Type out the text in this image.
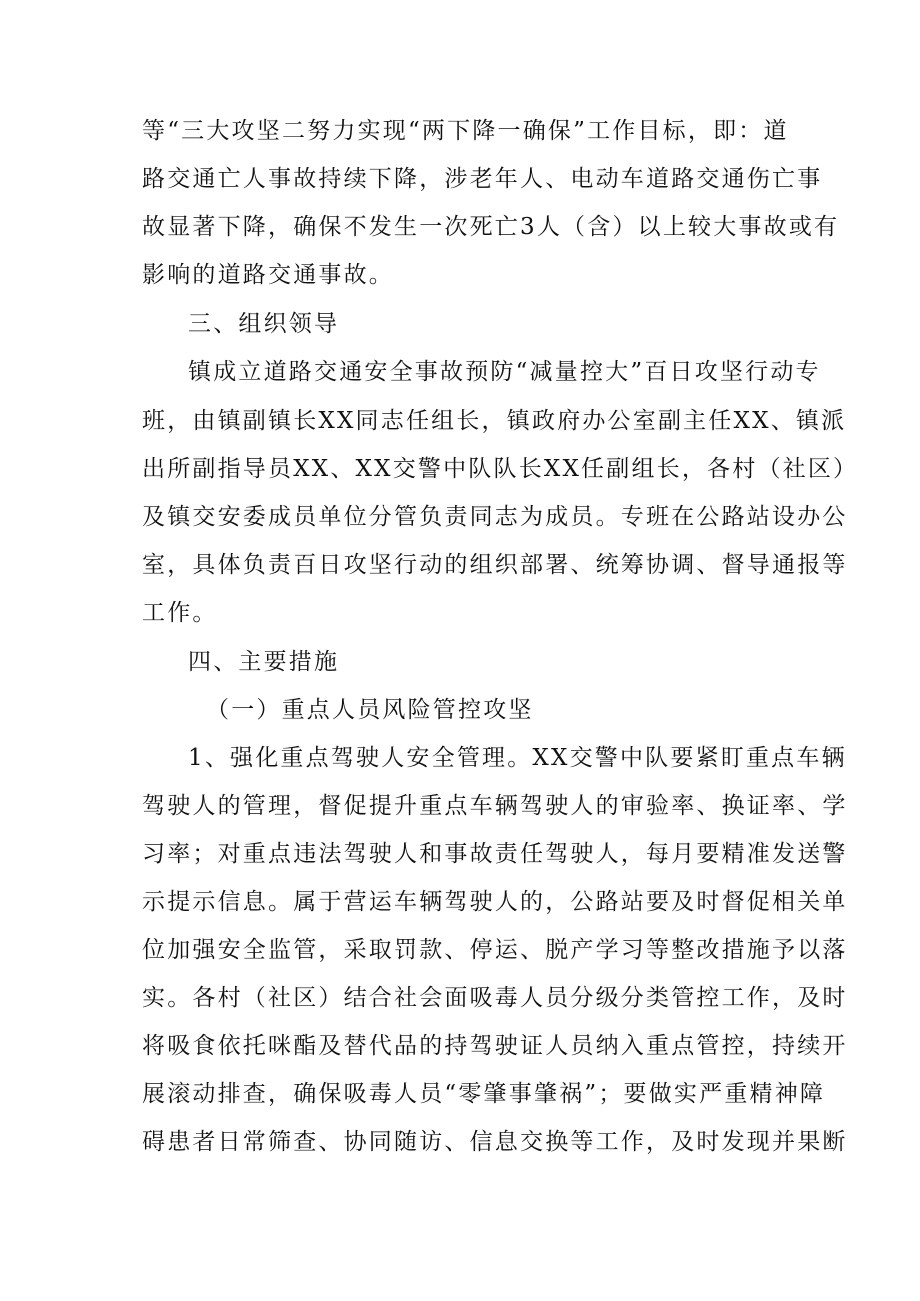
等“三大攻坚二努力实现“两下降一确保”工作目标，即：道
路交通亡人事故持续下降，涉老年人、电动车道路交通伤亡事
故显著下降，确保不发生一次死亡3人（含）以上较大事故或有
影响的道路交通事故。
三、组织领导
镇成立道路交通安全事故预防“减量控大”百日攻坚行动专
班，由镇副镇长XX同志任组长，镇政府办公室副主任XX、镇派
出所副指导员XX、XX交警中队队长XX任副组长，各村（社区）
及镇交安委成员单位分管负责同志为成员。专班在公路站设办公
室，具体负责百日攻坚行动的组织部署、统筹协调、督导通报等
工作。
四、主要措施
（一）重点人员风险管控攻坚
1、强化重点驾驶人安全管理。XX交警中队要紧盯重点车辆
驾驶人的管理，督促提升重点车辆驾驶人的审验率、换证率、学
习率；对重点违法驾驶人和事故责任驾驶人，每月要精准发送警
示提示信息。属于营运车辆驾驶人的，公路站要及时督促相关单
位加强安全监管，采取罚款、停运、脱产学习等整改措施予以落
实。各村（社区）结合社会面吸毒人员分级分类管控工作，及时
将吸食依托咪酯及替代品的持驾驶证人员纳入重点管控，持续开
展滚动排查，确保吸毒人员“零肇事肇祸”；要做实严重精神障
碍患者日常筛查、协同随访、信息交换等工作，及时发现并果断
